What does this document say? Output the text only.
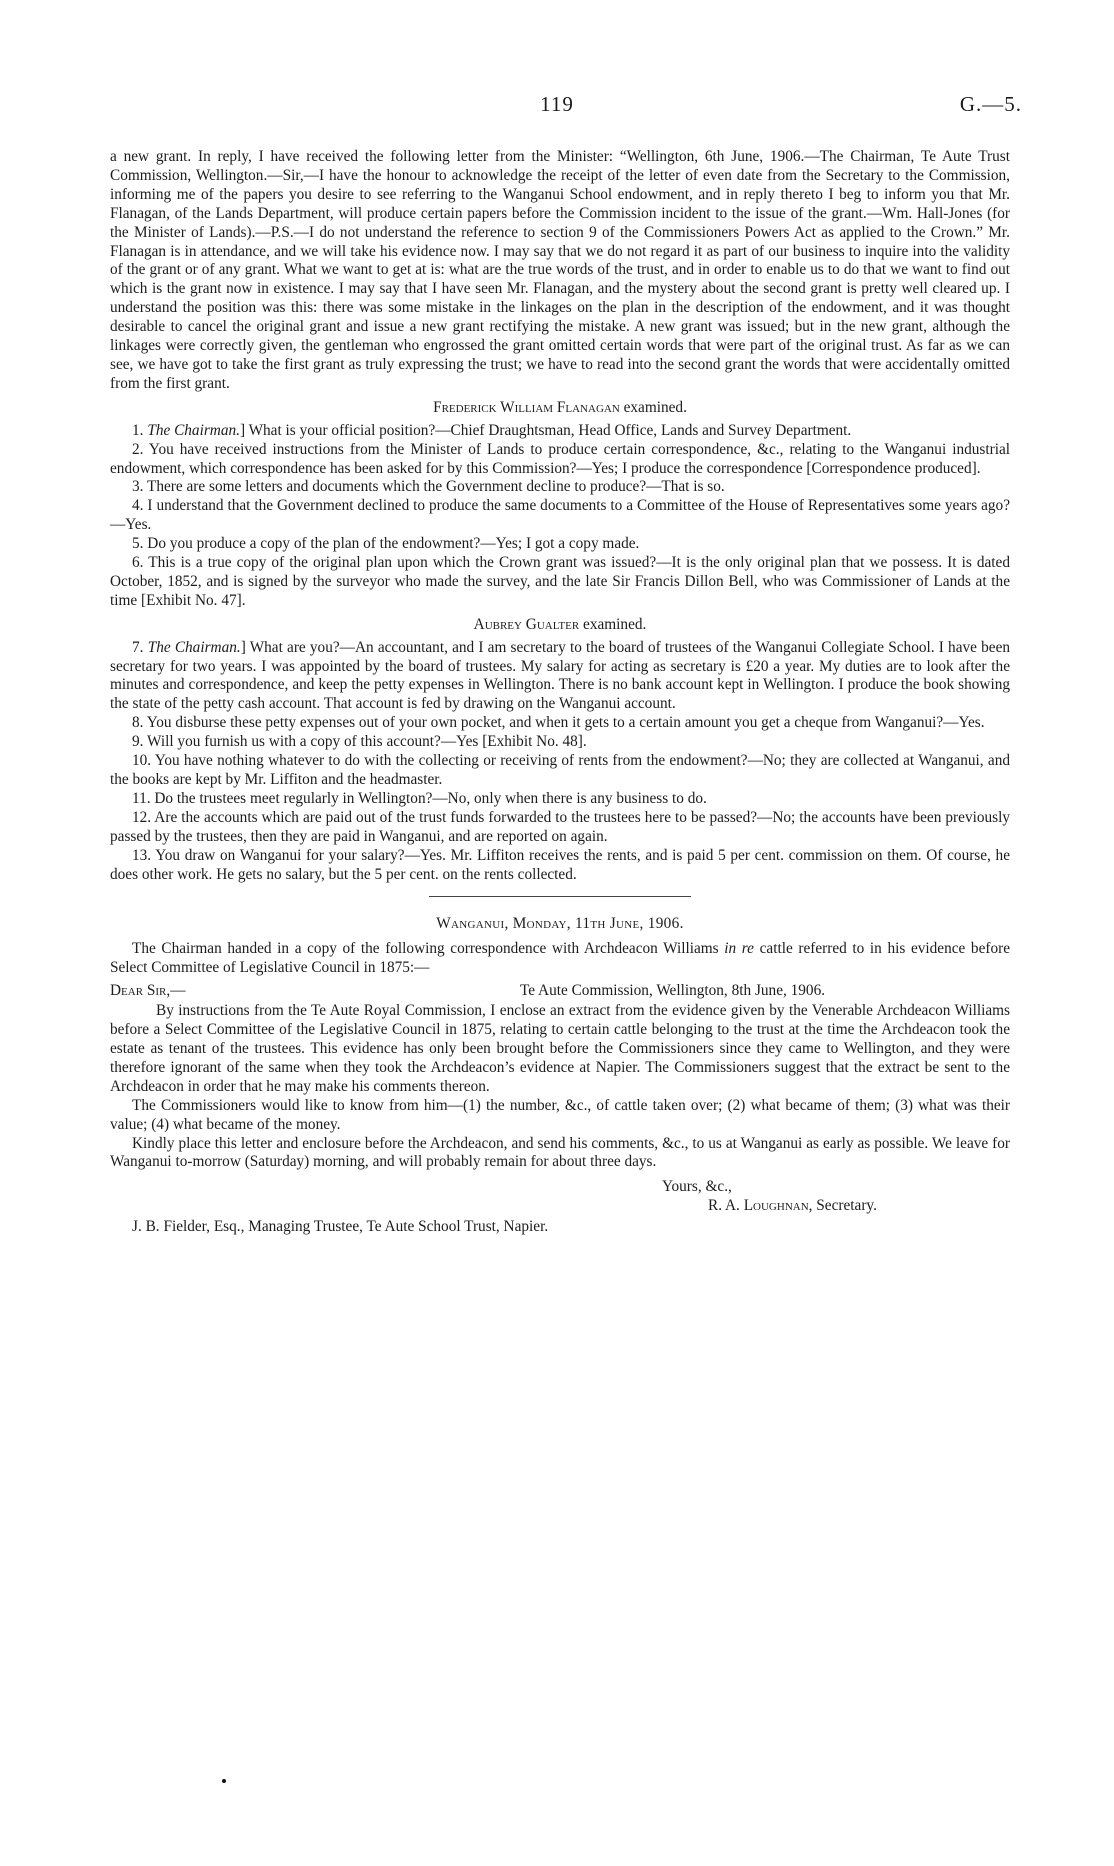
119	G.—5.

a new grant. In reply, I have received the following letter from the Minister: “Wellington, 6th June, 1906.—The Chairman, Te Aute Trust Commission, Wellington.—Sir,—I have the honour to acknowledge the receipt of the letter of even date from the Secretary to the Commission, informing me of the papers you desire to see referring to the Wanganui School endowment, and in reply thereto I beg to inform you that Mr. Flanagan, of the Lands Department, will produce certain papers before the Commission incident to the issue of the grant.—Wm. Hall-Jones (for the Minister of Lands).—P.S.—I do not understand the reference to section 9 of the Commissioners Powers Act as applied to the Crown.” Mr. Flanagan is in attendance, and we will take his evidence now. I may say that we do not regard it as part of our business to inquire into the validity of the grant or of any grant. What we want to get at is: what are the true words of the trust, and in order to enable us to do that we want to find out which is the grant now in existence. I may say that I have seen Mr. Flanagan, and the mystery about the second grant is pretty well cleared up. I understand the position was this: there was some mistake in the linkages on the plan in the description of the endowment, and it was thought desirable to cancel the original grant and issue a new grant rectifying the mistake. A new grant was issued; but in the new grant, although the linkages were correctly given, the gentleman who engrossed the grant omitted certain words that were part of the original trust. As far as we can see, we have got to take the first grant as truly expressing the trust; we have to read into the second grant the words that were accidentally omitted from the first grant.

Frederick William Flanagan examined.

1. The Chairman.] What is your official position?—Chief Draughtsman, Head Office, Lands and Survey Department.

2. You have received instructions from the Minister of Lands to produce certain correspondence, &c., relating to the Wanganui industrial endowment, which correspondence has been asked for by this Commission?—Yes; I produce the correspondence [Correspondence produced].

3. There are some letters and documents which the Government decline to produce?—That is so.

4. I understand that the Government declined to produce the same documents to a Committee of the House of Representatives some years ago?—Yes.

5. Do you produce a copy of the plan of the endowment?—Yes; I got a copy made.

6. This is a true copy of the original plan upon which the Crown grant was issued?—It is the only original plan that we possess. It is dated October, 1852, and is signed by the surveyor who made the survey, and the late Sir Francis Dillon Bell, who was Commissioner of Lands at the time [Exhibit No. 47].

Aubrey Gualter examined.

7. The Chairman.] What are you?—An accountant, and I am secretary to the board of trustees of the Wanganui Collegiate School. I have been secretary for two years. I was appointed by the board of trustees. My salary for acting as secretary is £20 a year. My duties are to look after the minutes and correspondence, and keep the petty expenses in Wellington. There is no bank account kept in Wellington. I produce the book showing the state of the petty cash account. That account is fed by drawing on the Wanganui account.

8. You disburse these petty expenses out of your own pocket, and when it gets to a certain amount you get a cheque from Wanganui?—Yes.

9. Will you furnish us with a copy of this account?—Yes [Exhibit No. 48].

10. You have nothing whatever to do with the collecting or receiving of rents from the endowment?—No; they are collected at Wanganui, and the books are kept by Mr. Liffiton and the headmaster.

11. Do the trustees meet regularly in Wellington?—No, only when there is any business to do.

12. Are the accounts which are paid out of the trust funds forwarded to the trustees here to be passed?—No; the accounts have been previously passed by the trustees, then they are paid in Wanganui, and are reported on again.

13. You draw on Wanganui for your salary?—Yes. Mr. Liffiton receives the rents, and is paid 5 per cent. commission on them. Of course, he does other work. He gets no salary, but the 5 per cent. on the rents collected.

Wanganui, Monday, 11th June, 1906.

The Chairman handed in a copy of the following correspondence with Archdeacon Williams in re cattle referred to in his evidence before Select Committee of Legislative Council in 1875:—

Dear Sir,—	Te Aute Commission, Wellington, 8th June, 1906.

By instructions from the Te Aute Royal Commission, I enclose an extract from the evidence given by the Venerable Archdeacon Williams before a Select Committee of the Legislative Council in 1875, relating to certain cattle belonging to the trust at the time the Archdeacon took the estate as tenant of the trustees. This evidence has only been brought before the Commissioners since they came to Wellington, and they were therefore ignorant of the same when they took the Archdeacon’s evidence at Napier. The Commissioners suggest that the extract be sent to the Archdeacon in order that he may make his comments thereon.

The Commissioners would like to know from him—(1) the number, &c., of cattle taken over; (2) what became of them; (3) what was their value; (4) what became of the money.

Kindly place this letter and enclosure before the Archdeacon, and send his comments, &c., to us at Wanganui as early as possible. We leave for Wanganui to-morrow (Saturday) morning, and will probably remain for about three days.

Yours, &c.,

R. A. Loughnan, Secretary.

J. B. Fielder, Esq., Managing Trustee, Te Aute School Trust, Napier.
